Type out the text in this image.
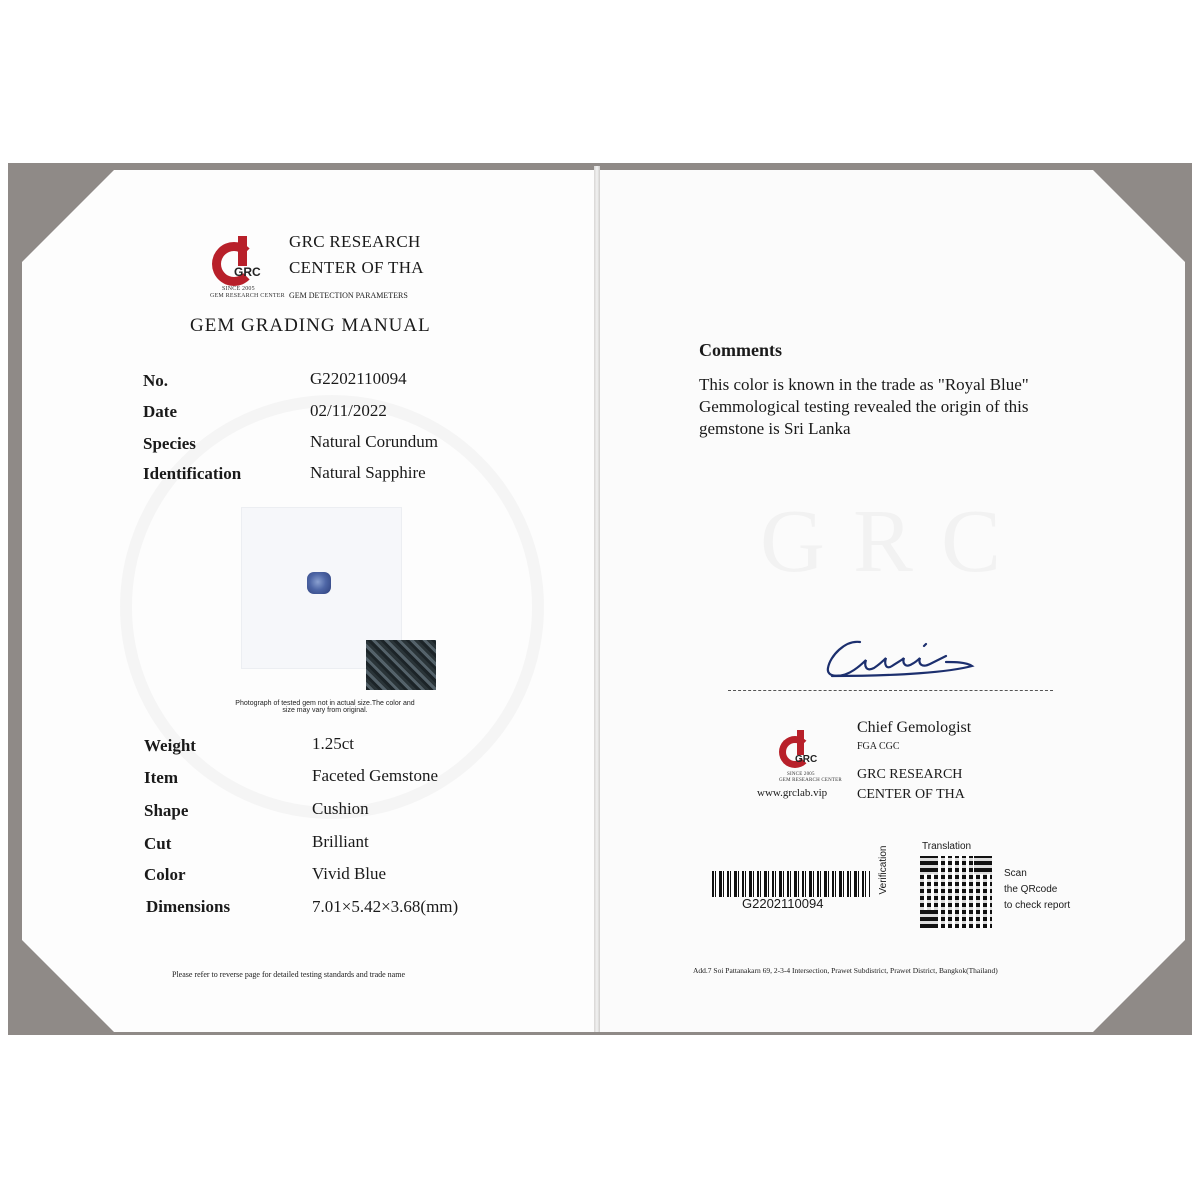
GRC
SINCE 2005
GEM RESEARCH CENTER
GRC RESEARCH
CENTER OF THA
GEM DETECTION PARAMETERS
GEM GRADING MANUAL
No.	G2202110094
Date	02/11/2022
Species	Natural Corundum
Identification	Natural Sapphire
Photograph of tested gem not in actual size.The color and
size may vary from original.
Weight	1.25ct
Item	Faceted Gemstone
Shape	Cushion
Cut	Brilliant
Color	Vivid Blue
Dimensions	7.01×5.42×3.68(mm)
Please refer to reverse page for detailed testing standards and trade name
Comments
This color is known in the trade as "Royal Blue"
Gemmological testing revealed the origin of this
gemstone is Sri Lanka
GRC
SINCE 2005
GEM RESEARCH CENTER
www.grclab.vip
Chief Gemologist
FGA CGC
GRC RESEARCH
CENTER OF THA
G2202110094
Translation
Verification	Scan
the QRcode
to check report
Add.7 Soi Pattanakarn 69, 2-3-4 Intersection, Prawet Subdistrict, Prawet District, Bangkok(Thailand)
